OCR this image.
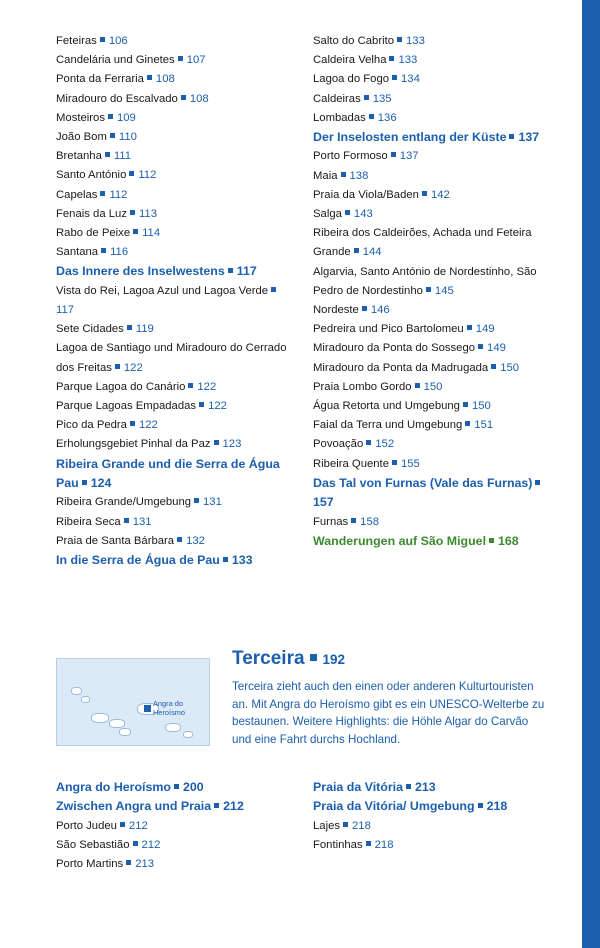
Feteiras 106
Candelária und Ginetes 107
Ponta da Ferraria 108
Miradouro do Escalvado 108
Mosteiros 109
João Bom 110
Bretanha 111
Santo António 112
Capelas 112
Fenais da Luz 113
Rabo de Peixe 114
Santana 116
Das Innere des Inselwestens 117
Vista do Rei, Lagoa Azul und Lagoa Verde117
Sete Cidades 119
Lagoa de Santiago und Miradouro do Cerrado dos Freitas 122
Parque Lagoa do Canário 122
Parque Lagoas Empadadas 122
Pico da Pedra 122
Erholungsgebiet Pinhal da Paz 123
Ribeira Grande und die Serra de Água Pau 124
Ribeira Grande/Umgebung 131
Ribeira Seca 131
Praia de Santa Bárbara 132
In die Serra de Água de Pau 133
Salto do Cabrito 133
Caldeira Velha 133
Lagoa do Fogo 134
Caldeiras 135
Lombadas 136
Der Inselosten entlang der Küste 137
Porto Formoso 137
Maia 138
Praia da Viola/Baden 142
Salga 143
Ribeira dos Caldeirões, Achada und Feteira Grande 144
Algarvia, Santo António de Nordestinho, São Pedro de Nordestinho 145
Nordeste 146
Pedreira und Pico Bartolomeu 149
Miradouro da Ponta do Sossego 149
Miradouro da Ponta da Madrugada 150
Praia Lombo Gordo 150
Água Retorta und Umgebung 150
Faial da Terra und Umgebung 151
Povoação 152
Ribeira Quente 155
Das Tal von Furnas (Vale das Furnas)157
Furnas 158
Wanderungen auf São Miguel 168
Angra do Heroísmo
Terceira 192

Terceira zieht auch den einen oder anderen Kulturtouristen an. Mit Angra do Heroísmo gibt es ein UNESCO-Welterbe zu bestaunen. Weitere Highlights: die Höhle Algar do Carvão und eine Fahrt durchs Hochland.

Angra do Heroísmo 200
Zwischen Angra und Praia 212
Porto Judeu 212
São Sebastião 212
Porto Martins 213
Praia da Vitória 213
Praia da Vitória/ Umgebung 218
Lajes 218
Fontinhas 218
